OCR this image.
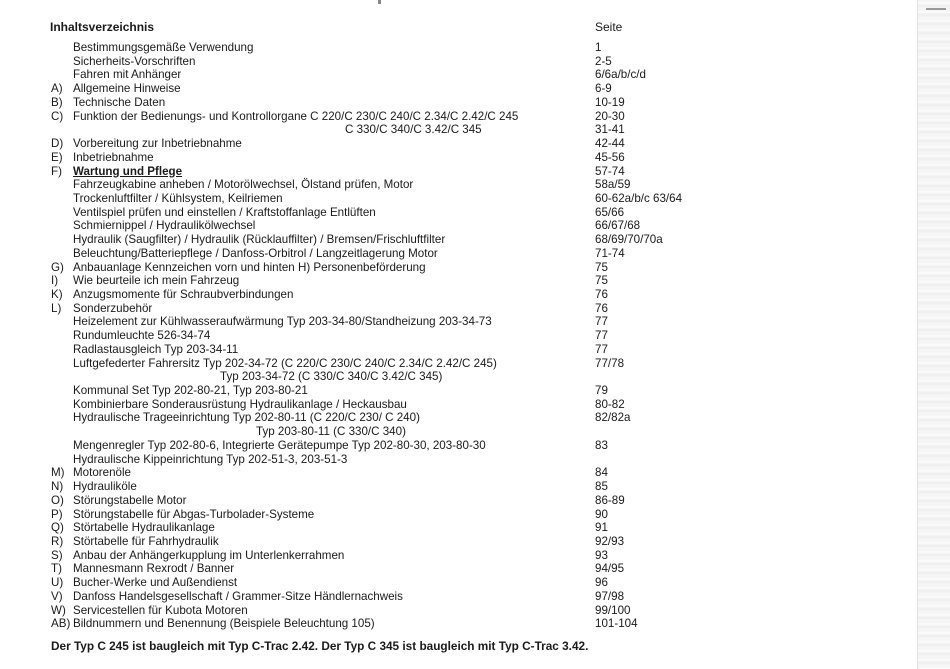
Inhaltsverzeichnis	Seite
Bestimmungsgemäße Verwendung	1
Sicherheits-Vorschriften	2-5
Fahren mit Anhänger	6/6a/b/c/d
A) Allgemeine Hinweise	6-9
B) Technische Daten	10-19
C) Funktion der Bedienungs- und Kontrollorgane C 220/C 230/C 240/C 2.34/C 2.42/C 245	20-30
C 330/C 340/C 3.42/C 345	31-41
D) Vorbereitung zur Inbetriebnahme	42-44
E) Inbetriebnahme	45-56
F) Wartung und Pflege	57-74
Fahrzeugkabine anheben / Motorölwechsel, Ölstand prüfen, Motor	58a/59
Trockenluftfilter / Kühlsystem, Keilriemen	60-62a/b/c 63/64
Ventilspiel prüfen und einstellen / Kraftstoffanlage Entlüften	65/66
Schmiernippel / Hydraulikölwechsel	66/67/68
Hydraulik (Saugfilter) / Hydraulik (Rücklauffilter) / Bremsen/Frischluftfilter	68/69/70/70a
Beleuchtung/Batteriepflege / Danfoss-Orbitrol / Langzeitlagerung Motor	71-74
G) Anbauanlage Kennzeichen vorn und hinten H) Personenbeförderung	75
I) Wie beurteile ich mein Fahrzeug	75
K) Anzugsmomente für Schraubverbindungen	76
L) Sonderzubehör	76
Heizelement zur Kühlwasseraufwärmung Typ 203-34-80/Standheizung 203-34-73	77
Rundumleuchte 526-34-74	77
Radlastausgleich Typ 203-34-11	77
Luftgefederter Fahrersitz Typ 202-34-72 (C 220/C 230/C 240/C 2.34/C 2.42/C 245)	77/78
Typ 203-34-72 (C 330/C 340/C 3.42/C 345)
Kommunal Set Typ 202-80-21, Typ 203-80-21	79
Kombinierbare Sonderausrüstung Hydraulikanlage / Heckausbau	80-82
Hydraulische Trageeinrichtung Typ 202-80-11 (C 220/C 230/ C 240)	82/82a
Typ 203-80-11 (C 330/C 340)
Mengenregler Typ 202-80-6, Integrierte Gerätepumpe Typ 202-80-30, 203-80-30	83
Hydraulische Kippeinrichtung Typ 202-51-3, 203-51-3
M) Motorenöle	84
N) Hydrauliköle	85
O) Störungstabelle Motor	86-89
P) Störungstabelle für Abgas-Turbolader-Systeme	90
Q) Störtabelle Hydraulikanlage	91
R) Störtabelle für Fahrhydraulik	92/93
S) Anbau der Anhängerkupplung im Unterlenkerrahmen	93
T) Mannesmann Rexrodt / Banner	94/95
U) Bucher-Werke und Außendienst	96
V) Danfoss Handelsgesellschaft / Grammer-Sitze Händlernachweis	97/98
W) Servicestellen für Kubota Motoren	99/100
AB) Bildnummern und Benennung (Beispiele Beleuchtung 105)	101-104
Der Typ C 245 ist baugleich mit Typ C-Trac 2.42. Der Typ C 345 ist baugleich mit Typ C-Trac 3.42.
